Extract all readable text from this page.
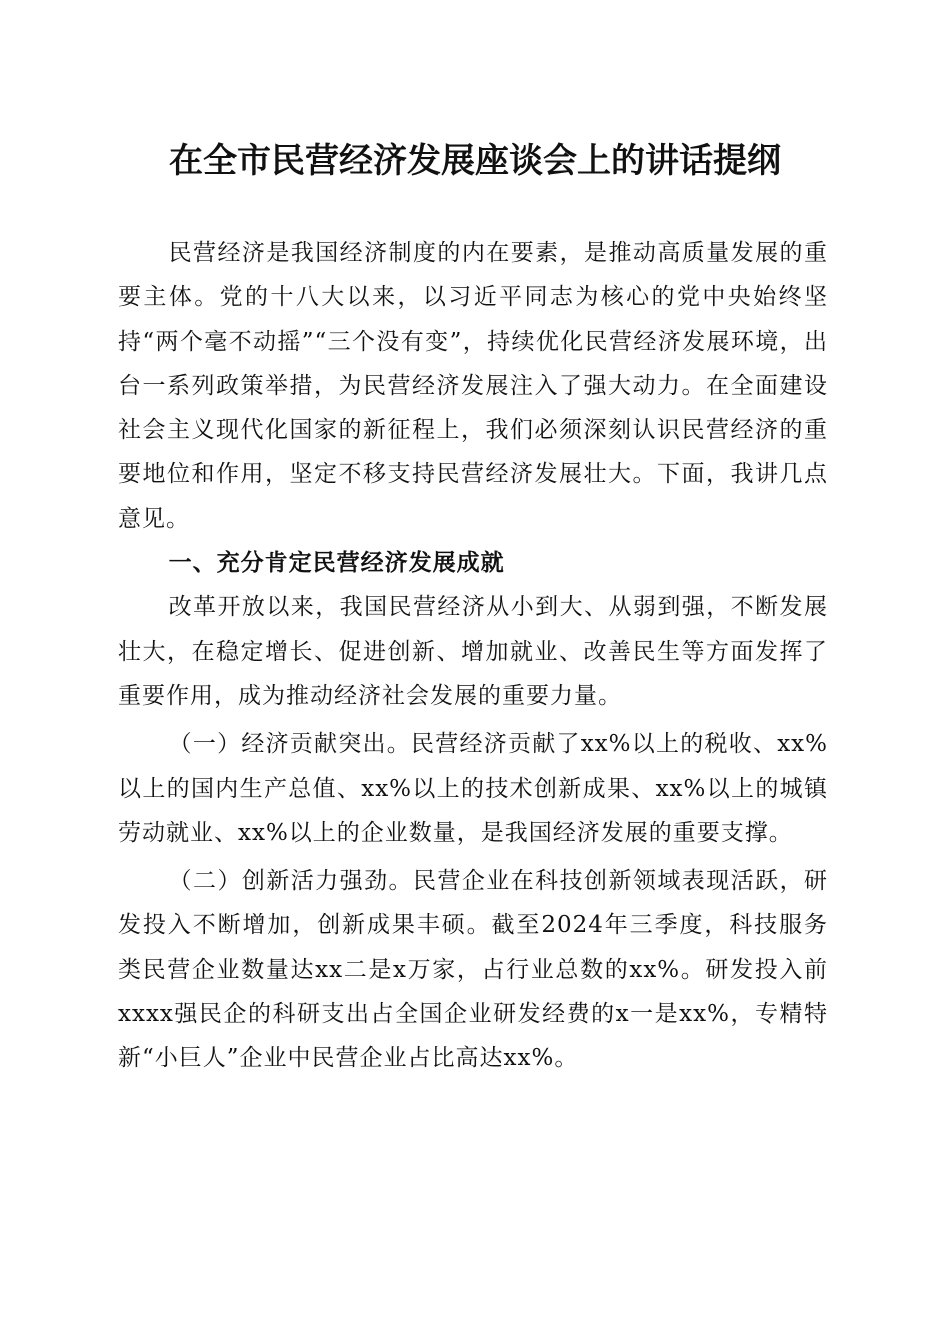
在全市民营经济发展座谈会上的讲话提纲

民营经济是我国经济制度的内在要素，是推动高质量发展的重要主体。党的十八大以来，以习近平同志为核心的党中央始终坚持“两个毫不动摇”“三个没有变”，持续优化民营经济发展环境，出台一系列政策举措，为民营经济发展注入了强大动力。在全面建设社会主义现代化国家的新征程上，我们必须深刻认识民营经济的重要地位和作用，坚定不移支持民营经济发展壮大。下面，我讲几点意见。

一、充分肯定民营经济发展成就

改革开放以来，我国民营经济从小到大、从弱到强，不断发展壮大，在稳定增长、促进创新、增加就业、改善民生等方面发挥了重要作用，成为推动经济社会发展的重要力量。

（一）经济贡献突出。民营经济贡献了xx%以上的税收、xx%以上的国内生产总值、xx%以上的技术创新成果、xx%以上的城镇劳动就业、xx%以上的企业数量，是我国经济发展的重要支撑。

（二）创新活力强劲。民营企业在科技创新领域表现活跃，研发投入不断增加，创新成果丰硕。截至2024年三季度，科技服务类民营企业数量达xx二是x万家，占行业总数的xx%。研发投入前xxxx强民企的科研支出占全国企业研发经费的x一是xx%，专精特新“小巨人”企业中民营企业占比高达xx%。
